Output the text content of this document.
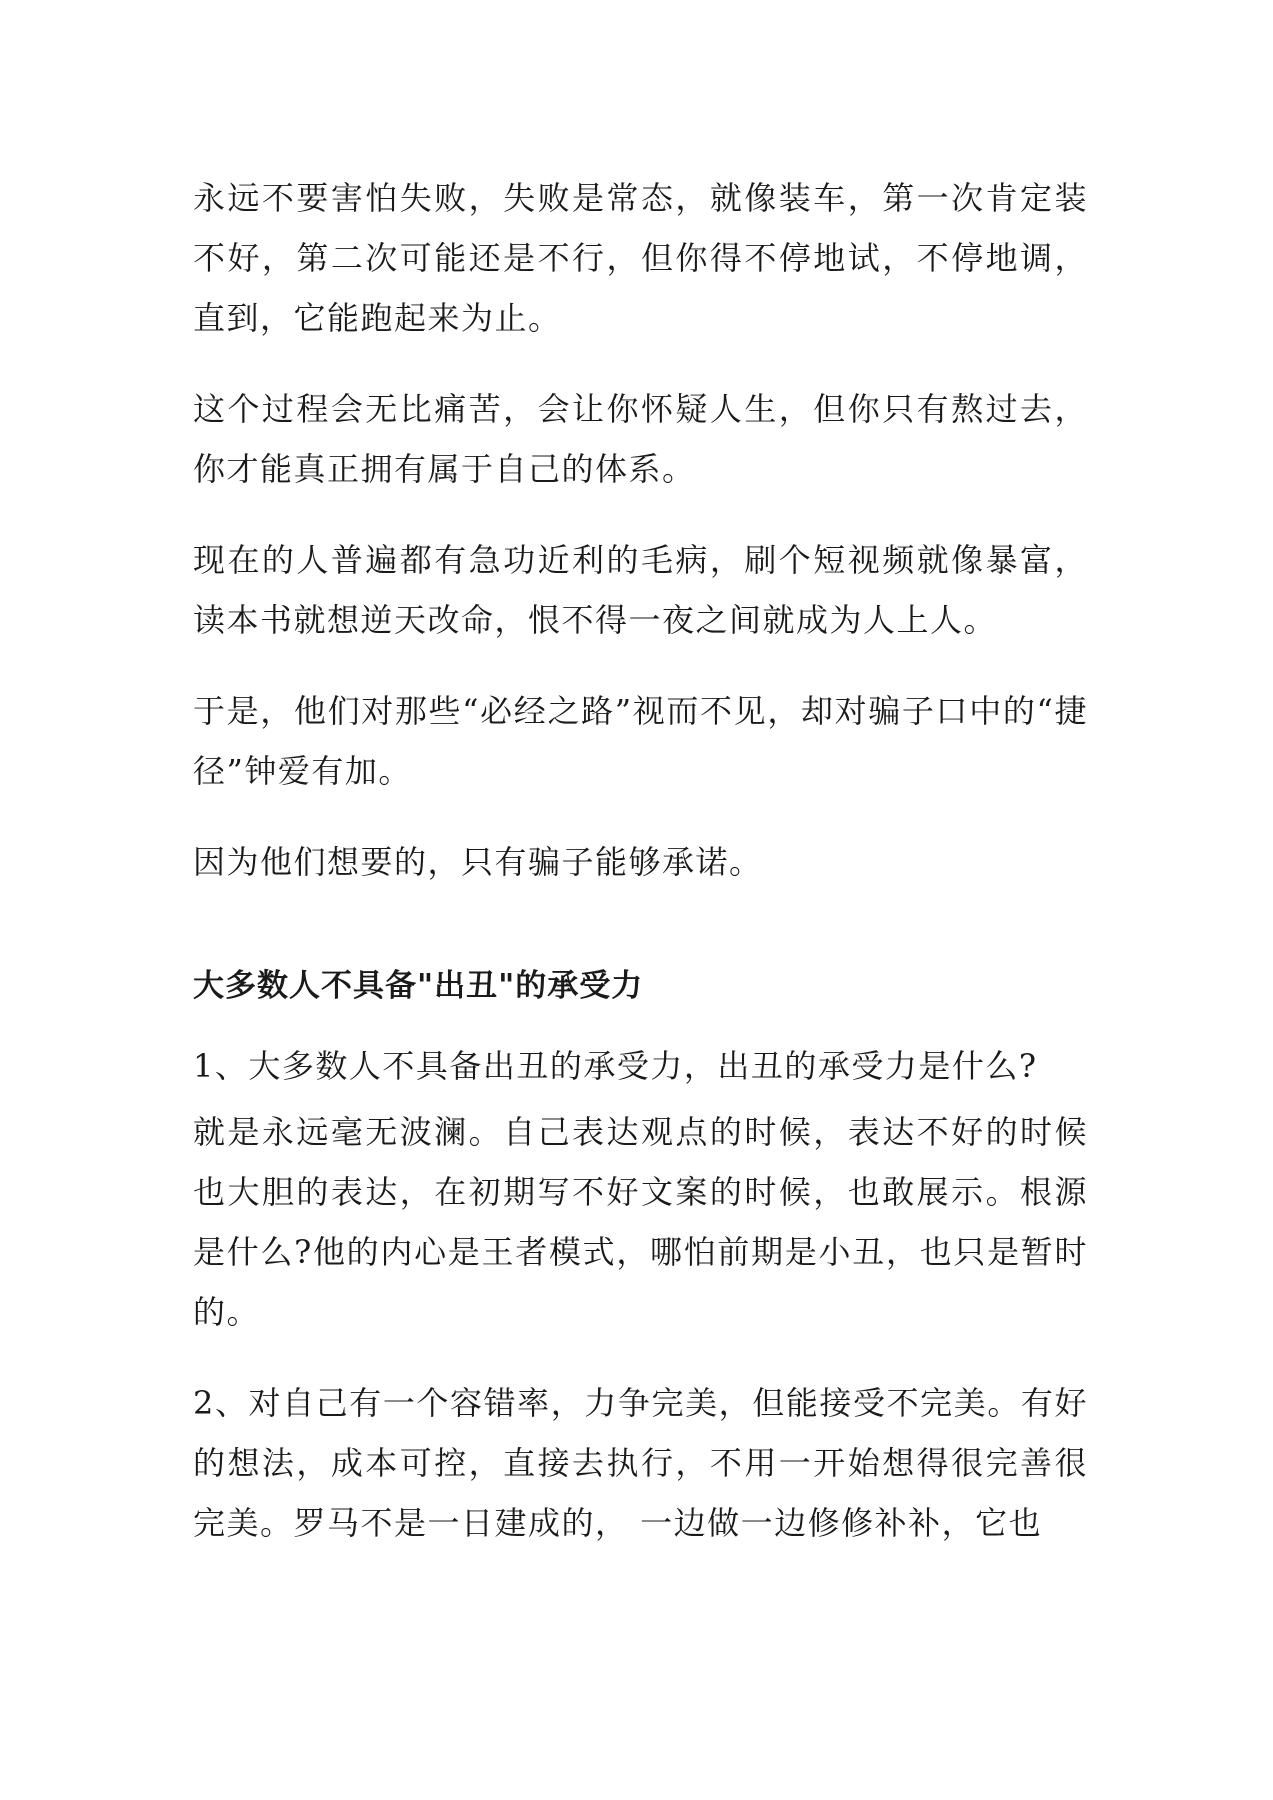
永远不要害怕失败，失败是常态，就像装车，第一次肯定装不好，第二次可能还是不行，但你得不停地试，不停地调，直到，它能跑起来为止。

这个过程会无比痛苦，会让你怀疑人生，但你只有熬过去，你才能真正拥有属于自己的体系。

现在的人普遍都有急功近利的毛病，刷个短视频就像暴富，读本书就想逆天改命，恨不得一夜之间就成为人上人。

于是，他们对那些“必经之路”视而不见，却对骗子口中的“捷径”钟爱有加。

因为他们想要的，只有骗子能够承诺。

大多数人不具备"出丑"的承受力

1、大多数人不具备出丑的承受力，出丑的承受力是什么?

就是永远毫无波澜。自己表达观点的时候，表达不好的时候也大胆的表达，在初期写不好文案的时候，也敢展示。根源是什么?他的内心是王者模式，哪怕前期是小丑，也只是暂时的。

2、对自己有一个容错率，力争完美，但能接受不完美。有好的想法，成本可控，直接去执行，不用一开始想得很完善很完美。罗马不是一日建成的， 一边做一边修修补补，它也
